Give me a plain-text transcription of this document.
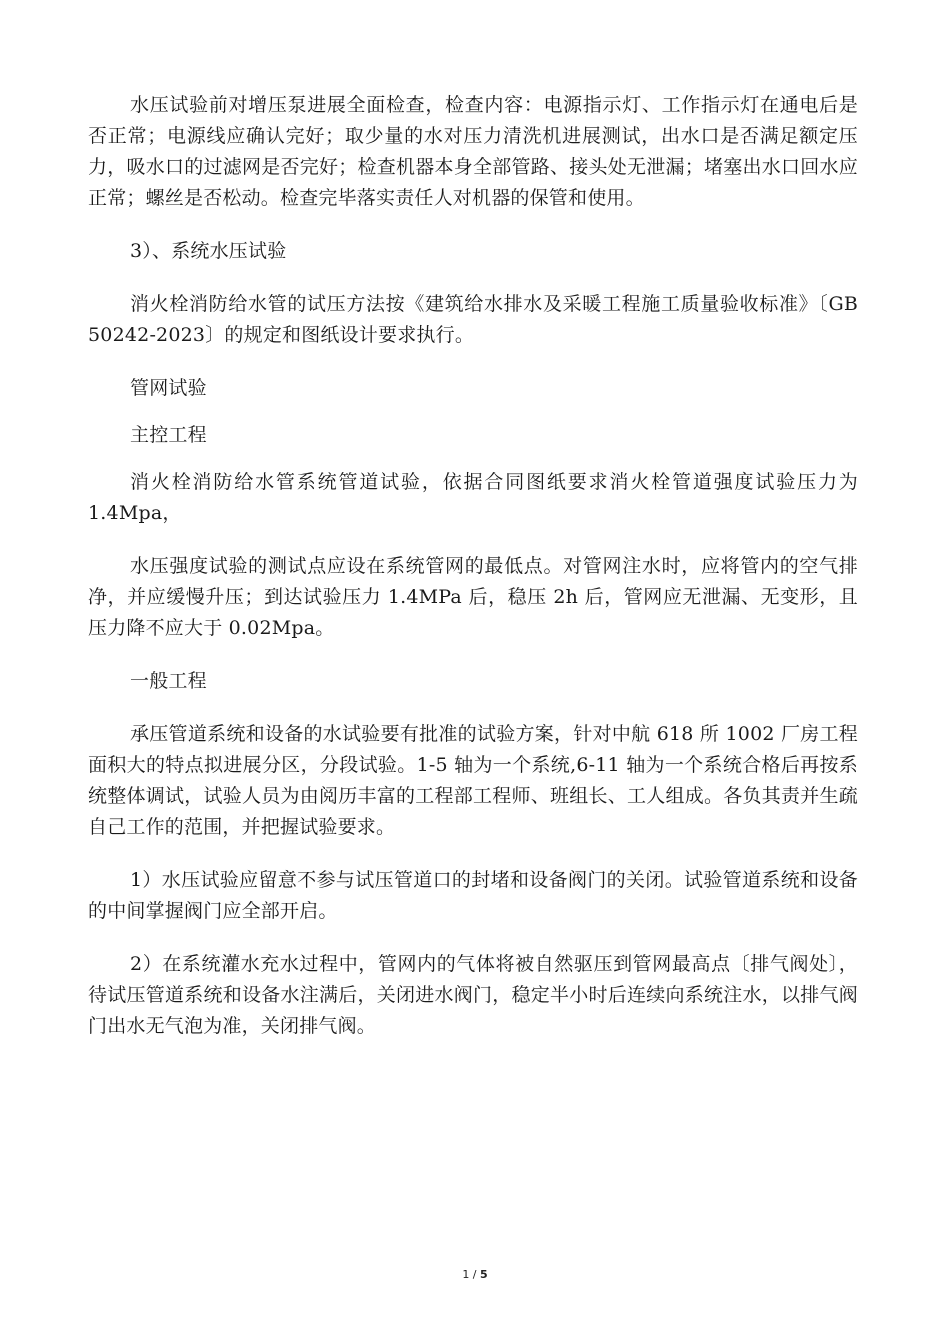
水压试验前对增压泵进展全面检查，检查内容：电源指示灯、工作指示灯在通电后是否正常；电源线应确认完好；取少量的水对压力清洗机进展测试，出水口是否满足额定压力，吸水口的过滤网是否完好；检查机器本身全部管路、接头处无泄漏；堵塞出水口回水应正常；螺丝是否松动。检查完毕落实责任人对机器的保管和使用。

3）、系统水压试验

消火栓消防给水管的试压方法按《建筑给水排水及采暖工程施工质量验收标准》〔GB 50242-2023〕的规定和图纸设计要求执行。

管网试验

主控工程

消火栓消防给水管系统管道试验，依据合同图纸要求消火栓管道强度试验压力为 1.4Mpa，

水压强度试验的测试点应设在系统管网的最低点。对管网注水时，应将管内的空气排净，并应缓慢升压；到达试验压力 1.4MPa 后，稳压 2h 后，管网应无泄漏、无变形，且压力降不应大于 0.02Mpa。

一般工程

承压管道系统和设备的水试验要有批准的试验方案，针对中航 618 所 1002 厂房工程面积大的特点拟进展分区，分段试验。1-5 轴为一个系统,6-11 轴为一个系统合格后再按系统整体调试，试验人员为由阅历丰富的工程部工程师、班组长、工人组成。各负其责并生疏自己工作的范围，并把握试验要求。

1）水压试验应留意不参与试压管道口的封堵和设备阀门的关闭。试验管道系统和设备的中间掌握阀门应全部开启。

2）在系统灌水充水过程中，管网内的气体将被自然驱压到管网最高点〔排气阀处〕，待试压管道系统和设备水注满后，关闭进水阀门，稳定半小时后连续向系统注水，以排气阀门出水无气泡为准，关闭排气阀。

1 / 5
